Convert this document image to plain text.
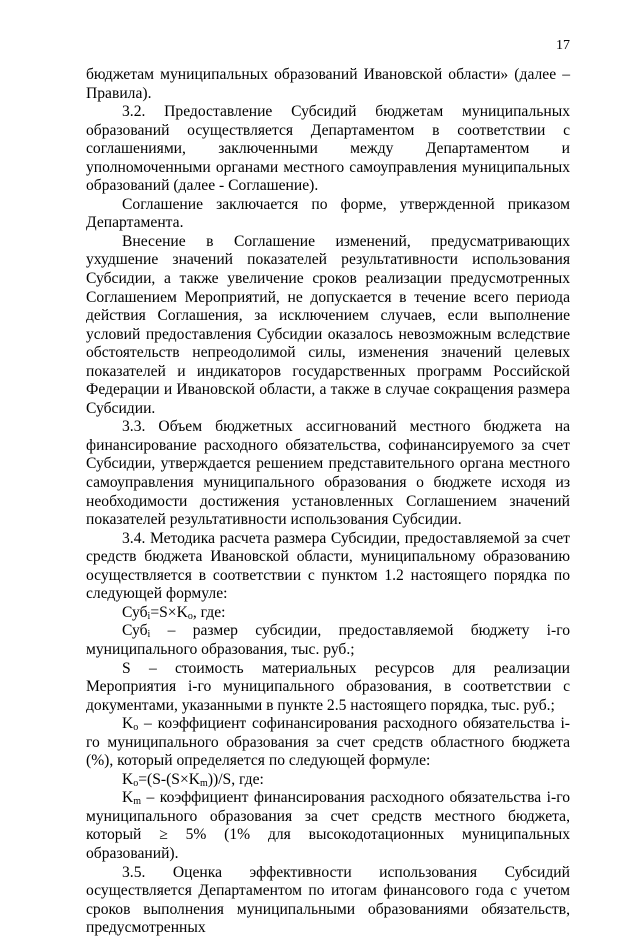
17

бюджетам муниципальных образований Ивановской области» (далее – Правила).

3.2. Предоставление Субсидий бюджетам муниципальных образований осуществляется Департаментом в соответствии с соглашениями, заключенными между Департаментом и уполномоченными органами местного самоуправления муниципальных образований (далее - Соглашение).

Соглашение заключается по форме, утвержденной приказом Департамента.

Внесение в Соглашение изменений, предусматривающих ухудшение значений показателей результативности использования Субсидии, а также увеличение сроков реализации предусмотренных Соглашением Мероприятий, не допускается в течение всего периода действия Соглашения, за исключением случаев, если выполнение условий предоставления Субсидии оказалось невозможным вследствие обстоятельств непреодолимой силы, изменения значений целевых показателей и индикаторов государственных программ Российской Федерации и Ивановской области, а также в случае сокращения размера Субсидии.

3.3. Объем бюджетных ассигнований местного бюджета на финансирование расходного обязательства, софинансируемого за счет Субсидии, утверждается решением представительного органа местного самоуправления муниципального образования о бюджете исходя из необходимости достижения установленных Соглашением значений показателей результативности использования Субсидии.

3.4. Методика расчета размера Субсидии, предоставляемой за счет средств бюджета Ивановской области, муниципальному образованию осуществляется в соответствии с пунктом 1.2 настоящего порядка по следующей формуле:

$Суб_i=S\times K_o$, где:

Суб$_i$ – размер субсидии, предоставляемой бюджету i-го муниципального образования, тыс. руб.;

S – стоимость материальных ресурсов для реализации Мероприятия i-го муниципального образования, в соответствии с документами, указанными в пункте 2.5 настоящего порядка, тыс. руб.;

$K_o$ – коэффициент софинансирования расходного обязательства i-го муниципального образования за счет средств областного бюджета (%), который определяется по следующей формуле:

$K_o=(S-(S\times K_m))/S$, где:

$K_m$ – коэффициент финансирования расходного обязательства i-го муниципального образования за счет средств местного бюджета, который ≥ 5% (1% для высокодотационных муниципальных образований).

3.5. Оценка эффективности использования Субсидий осуществляется Департаментом по итогам финансового года с учетом сроков выполнения муниципальными образованиями обязательств, предусмотренных
